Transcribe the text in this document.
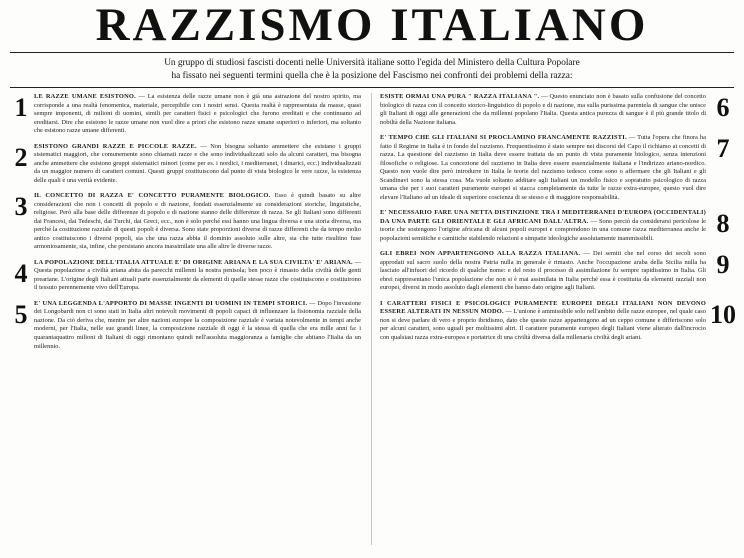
RAZZISMO ITALIANO
Un gruppo di studiosi fascisti docenti nelle Università italiane sotto l'egida del Ministero della Cultura Popolare
ha fissato nei seguenti termini quella che è la posizione del Fascismo nei confronti dei problemi della razza:
1	LE RAZZE UMANE ESISTONO. — La esistenza delle razze umane non è già una astrazione del nostro spirito, ma corrisponde a una realtà fenomenica, materiale, percepibile con i nostri sensi. Questa realtà è rappresentata da masse, quasi sempre imponenti, di milioni di uomini, simili per caratteri fisici e psicologici che furono ereditati e che continuano ad ereditarsi. Dire che esistono le razze umane non vuol dire a priori che esistono razze umane superiori o inferiori, ma soltanto che esistono razze umane differenti.

2	ESISTONO GRANDI RAZZE E PICCOLE RAZZE. — Non bisogna soltanto ammettere che esistano i gruppi sistematici maggiori, che comunemente sono chiamati razze e che sono individualizzati solo da alcuni caratteri, ma bisogna anche ammettere che esistono gruppi sistematici minori (come per es. i nordici, i mediterranei, i dinarici, ecc.) individualizzati da un maggior numero di caratteri comuni. Questi gruppi costituiscono dal punto di vista biologico le vere razze, la esistenza delle quali è una verità evidente.

3	IL CONCETTO DI RAZZA E' CONCETTO PURAMENTE BIOLOGICO. Esso è quindi basato su altre considerazioni che non i concetti di popolo e di nazione, fondati essenzialmente su considerazioni storiche, linguistiche, religiose. Però alla base delle differenze di popolo e di nazione stanno delle differenze di razza. Se gli Italiani sono differenti dai Francesi, dai Tedeschi, dai Turchi, dai Greci, ecc., non è solo perché essi hanno una lingua diversa e una storia diversa, ma perché la costituzione razziale di questi popoli è diversa. Sono state proporzioni diverse di razze differenti che da tempo molto antico costituiscono i diversi popoli, sia che una razza abbia il dominio assoluto sulle altre, sia che tutte risultino fuse armoniosamente, sia, infine, che persistano ancora inassimilate una alle altre le diverse razze.

4	LA POPOLAZIONE DELL'ITALIA ATTUALE E' DI ORIGINE ARIANA E LA SUA CIVILTA' E' ARIANA. — Questa popolazione a civiltà ariana abita da parecchi millenni la nostra penisola; ben poco è rimasto della civiltà delle genti preariane. L'origine degli Italiani attuali parte essenzialmente da elementi di quelle stesse razze che costituiscono e costituirono il tessuto perennemente vivo dell'Europa.

5	E' UNA LEGGENDA L'APPORTO DI MASSE INGENTI DI UOMINI IN TEMPI STORICI. — Dopo l'invasione dei Longobardi non ci sono stati in Italia altri notevoli movimenti di popoli capaci di influenzare la fisionomia razziale della nazione. Da ciò deriva che, mentre per altre nazioni europee la composizione razziale è variata notevolmente in tempi anche moderni, per l'Italia, nelle sue grandi linee, la composizione razziale di oggi è la stessa di quella che era mille anni fa: i quarantaquattro milioni di Italiani di oggi rimontano quindi nell'assoluta maggioranza a famiglie che abitano l'Italia da un millennio.

6

ESISTE ORMAI UNA PURA " RAZZA ITALIANA ". — Questo enunciato non è basato sulla confusione del concetto biologico di razza con il concetto storico-linguistico di popolo e di nazione, ma sulla purissima parentela di sangue che unisce gli Italiani di oggi alle generazioni che da millenni popolano l'Italia. Questa antica purezza di sangue è il più grande titolo di nobiltà della Nazione italiana.

7

E' TEMPO CHE GLI ITALIANI SI PROCLAMINO FRANCAMENTE RAZZISTI. — Tutta l'opera che finora ha fatto il Regime in Italia è in fondo del razzismo. Frequentissimo è stato sempre nei discorsi del Capo il richiamo ai concetti di razza. La questione del razzismo in Italia deve essere trattata da un punto di vista puramente biologico, senza intenzioni filosofiche o religiose. La concezione del razzismo in Italia deve essere essenzialmente italiana e l'indirizzo ariano-nordico. Questo non vuole dire però introdurre in Italia le teorie del razzismo tedesco come sono o affermare che gli Italiani e gli Scandinavi sono la stessa cosa. Ma vuole soltanto additare agli Italiani un modello fisico e sopratutto psicologico di razza umana che per i suoi caratteri puramente europei si stacca completamente da tutte le razze extra-europee, questo vuol dire elevare l'Italiano ad un ideale di superiore coscienza di se stesso e di maggiore responsabilità.

8

E' NECESSARIO FARE UNA NETTA DISTINZIONE TRA I MEDITERRANEI D'EUROPA (OCCIDENTALI) DA UNA PARTE GLI ORIENTALI E GLI AFRICANI DALL'ALTRA. — Sono perciò da considerarsi pericolose le teorie che sostengono l'origine africana di alcuni popoli europei e comprendono in una comune razza mediterranea anche le popolazioni semitiche e camitiche stabilendo relazioni e simpatie ideologiche assolutamente inammissibili.

9

GLI EBREI NON APPARTENGONO ALLA RAZZA ITALIANA. — Dei semiti che nel corso dei secoli sono approdati sul sacro suolo della nostra Patria nulla in generale è rimasto. Anche l'occupazione araba della Sicilia nulla ha lasciato all'infuori del ricordo di qualche nome: e del resto il processo di assimilazione fu sempre rapidissimo in Italia. Gli ebrei rappresentano l'unica popolazione che non si è mai assimilata in Italia perché essa è costituita da elementi razziali non europei, diversi in modo assoluto dagli elementi che hanno dato origine agli Italiani.

10

I CARATTERI FISICI E PSICOLOGICI PURAMENTE EUROPEI DEGLI ITALIANI NON DEVONO ESSERE ALTERATI IN NESSUN MODO. — L'unione è ammissibile solo nell'ambito delle razze europee, nel quale caso non si deve parlare di vero e proprio ibridismo, dato che queste razze appartengono ad un ceppo comune e differiscono solo per alcuni caratteri, sono uguali per moltissimi altri. Il carattere puramente europeo degli Italiani viene alterato dall'incrocio con qualsiasi razza extra-europea e portatrice di una civiltà diversa dalla millenaria civiltà degli ariani.
